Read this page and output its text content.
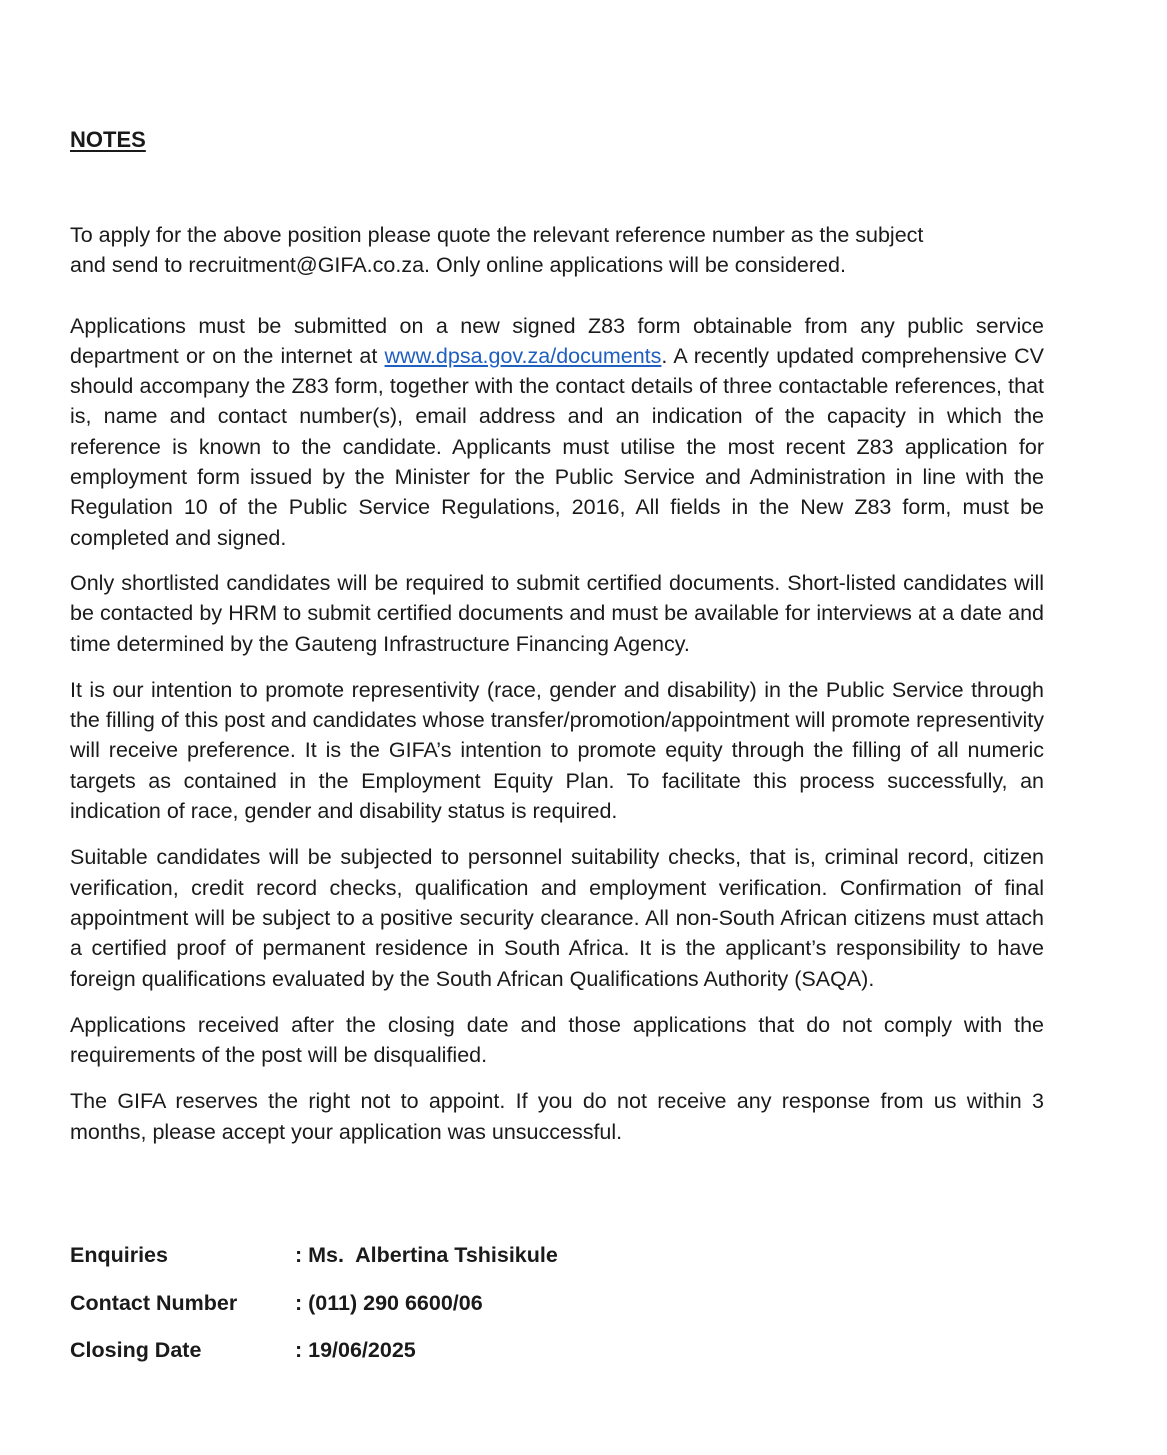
NOTES

To apply for the above position please quote the relevant reference number as the subject
and send to recruitment@GIFA.co.za. Only online applications will be considered.

Applications must be submitted on a new signed Z83 form obtainable from any public service department or on the internet at www.dpsa.gov.za/documents. A recently updated comprehensive CV should accompany the Z83 form, together with the contact details of three contactable references, that is, name and contact number(s), email address and an indication of the capacity in which the reference is known to the candidate. Applicants must utilise the most recent Z83 application for employment form issued by the Minister for the Public Service and Administration in line with the Regulation 10 of the Public Service Regulations, 2016, All fields in the New Z83 form, must be completed and signed.

Only shortlisted candidates will be required to submit certified documents. Short-listed candidates will be contacted by HRM to submit certified documents and must be available for interviews at a date and time determined by the Gauteng Infrastructure Financing Agency.

It is our intention to promote representivity (race, gender and disability) in the Public Service through the filling of this post and candidates whose transfer/promotion/appointment will promote representivity will receive preference. It is the GIFA’s intention to promote equity through the filling of all numeric targets as contained in the Employment Equity Plan. To facilitate this process successfully, an indication of race, gender and disability status is required.

Suitable candidates will be subjected to personnel suitability checks, that is, criminal record, citizen verification, credit record checks, qualification and employment verification. Confirmation of final appointment will be subject to a positive security clearance. All non-South African citizens must attach a certified proof of permanent residence in South Africa. It is the applicant’s responsibility to have foreign qualifications evaluated by the South African Qualifications Authority (SAQA).

Applications received after the closing date and those applications that do not comply with the requirements of the post will be disqualified.

The GIFA reserves the right not to appoint. If you do not receive any response from us within 3 months, please accept your application was unsuccessful.

Enquiries	: Ms.  Albertina Tshisikule
Contact Number	: (011) 290 6600/06
Closing Date	: 19/06/2025
